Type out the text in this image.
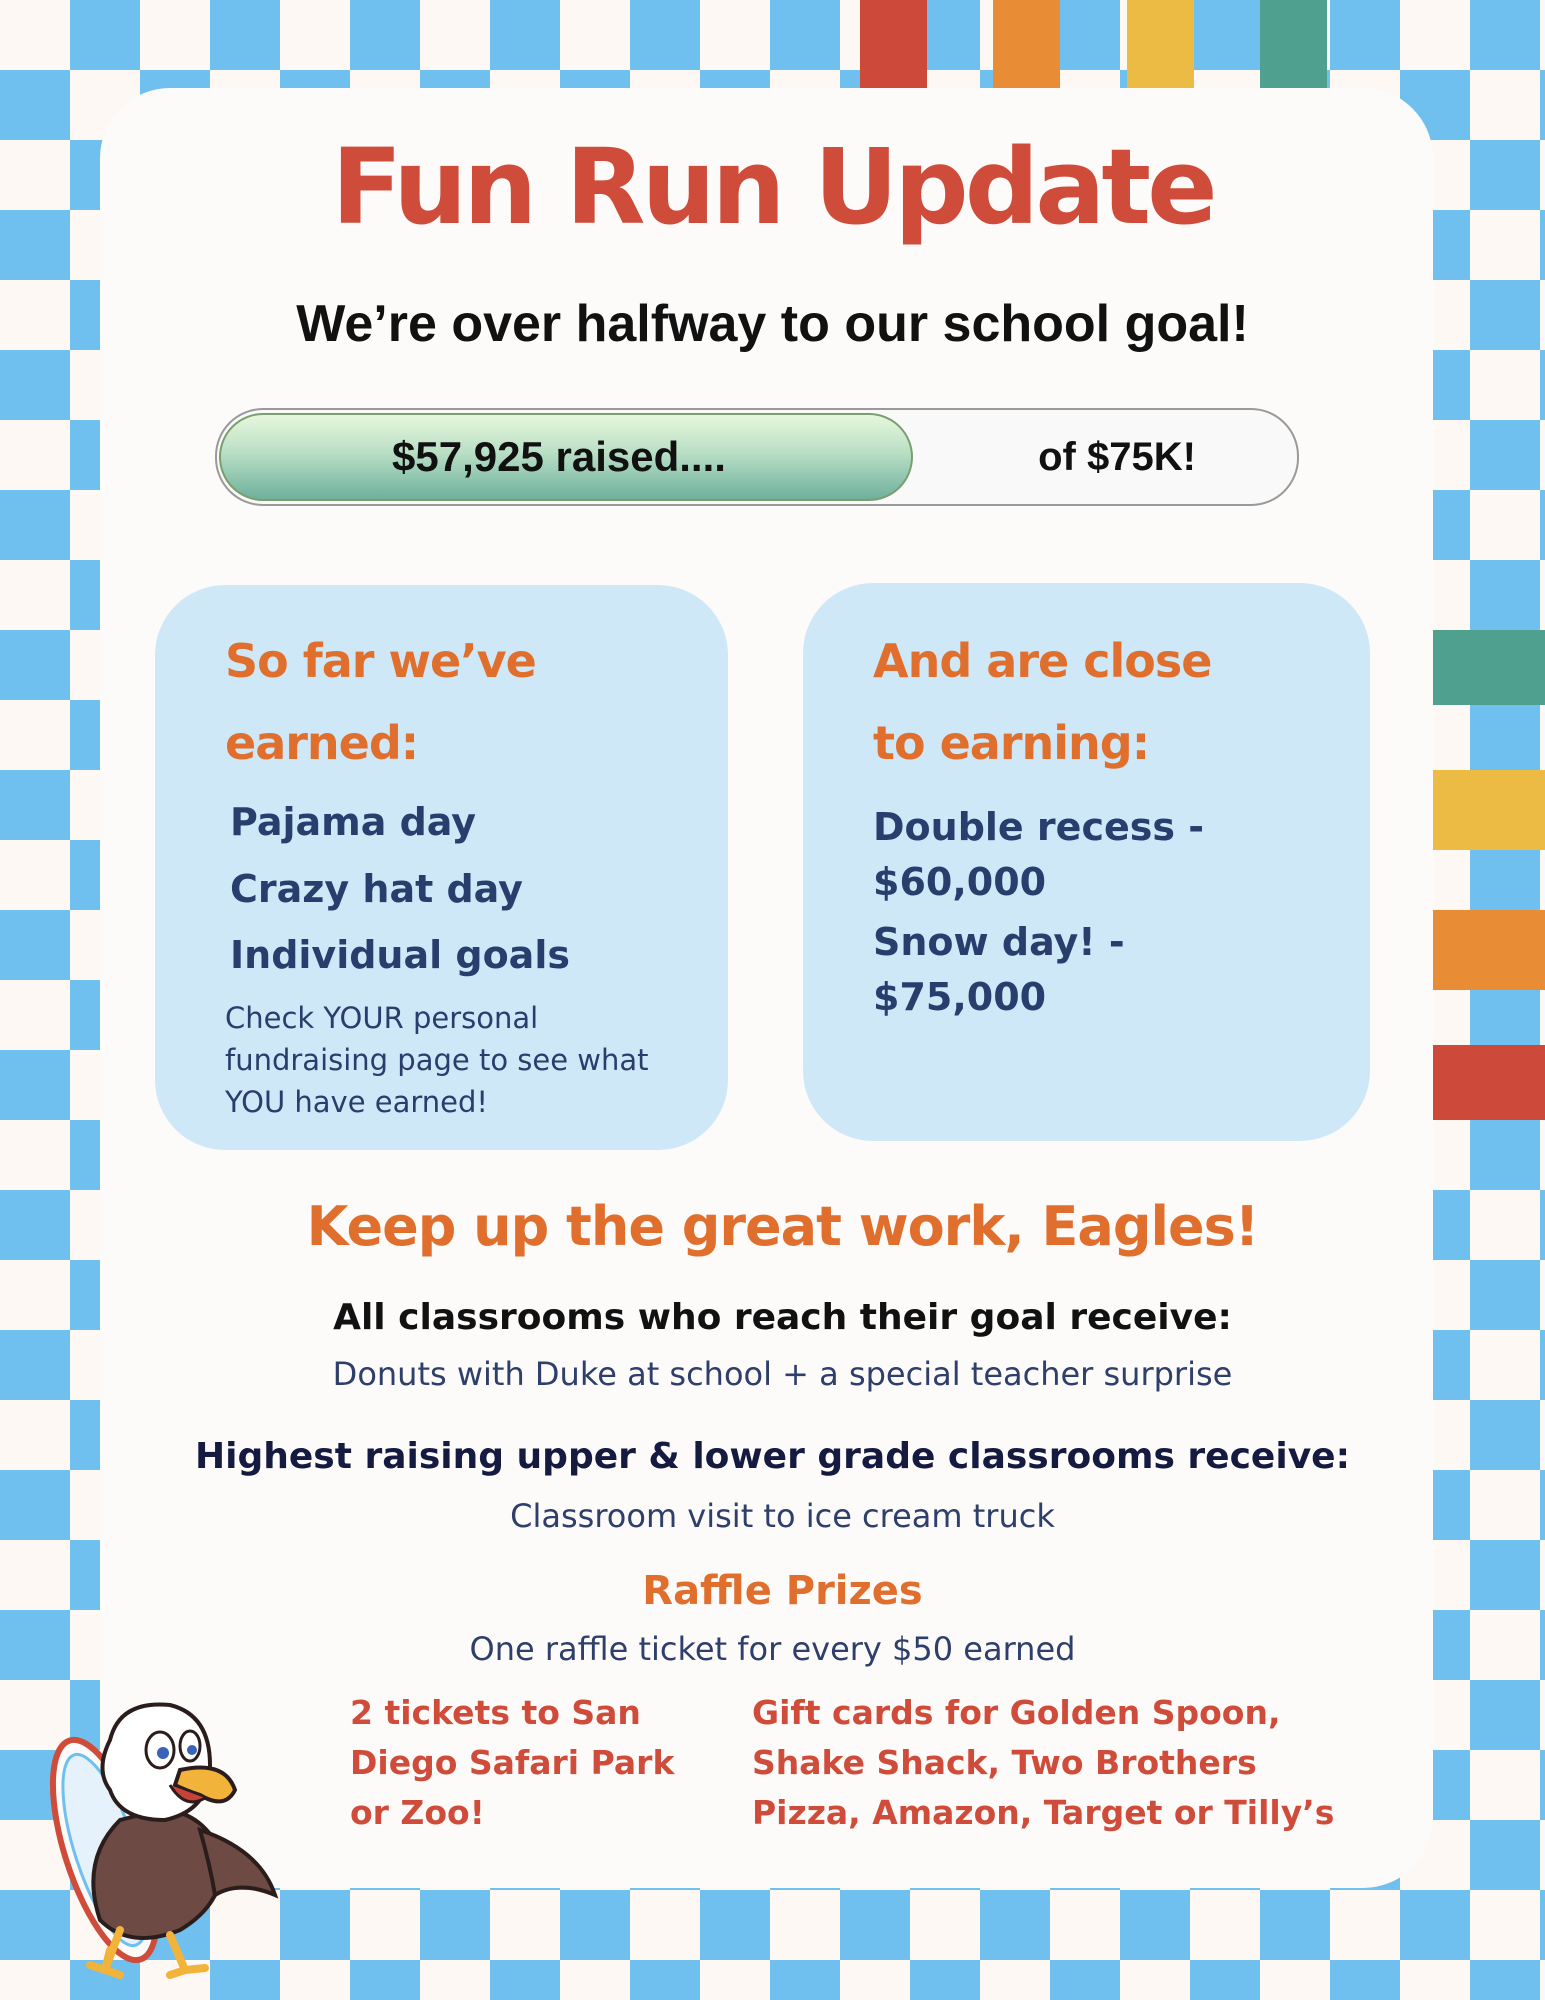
Fun Run Update
We’re over halfway to our school goal!
$57,925 raised....	of $75K!
So far we’ve
earned:
Pajama day
Crazy hat day
Individual goals
Check YOUR personal
fundraising page to see what
YOU have earned!
And are close
to earning:
Double recess -
$60,000
Snow day! -
$75,000
Keep up the great work, Eagles!
All classrooms who reach their goal receive:
Donuts with Duke at school + a special teacher surprise
Highest raising upper & lower grade classrooms receive:
Classroom visit to ice cream truck
Raffle Prizes
One raffle ticket for every $50 earned
2 tickets to San
Diego Safari Park
or Zoo!
Gift cards for Golden Spoon,
Shake Shack, Two Brothers
Pizza, Amazon, Target or Tilly’s
